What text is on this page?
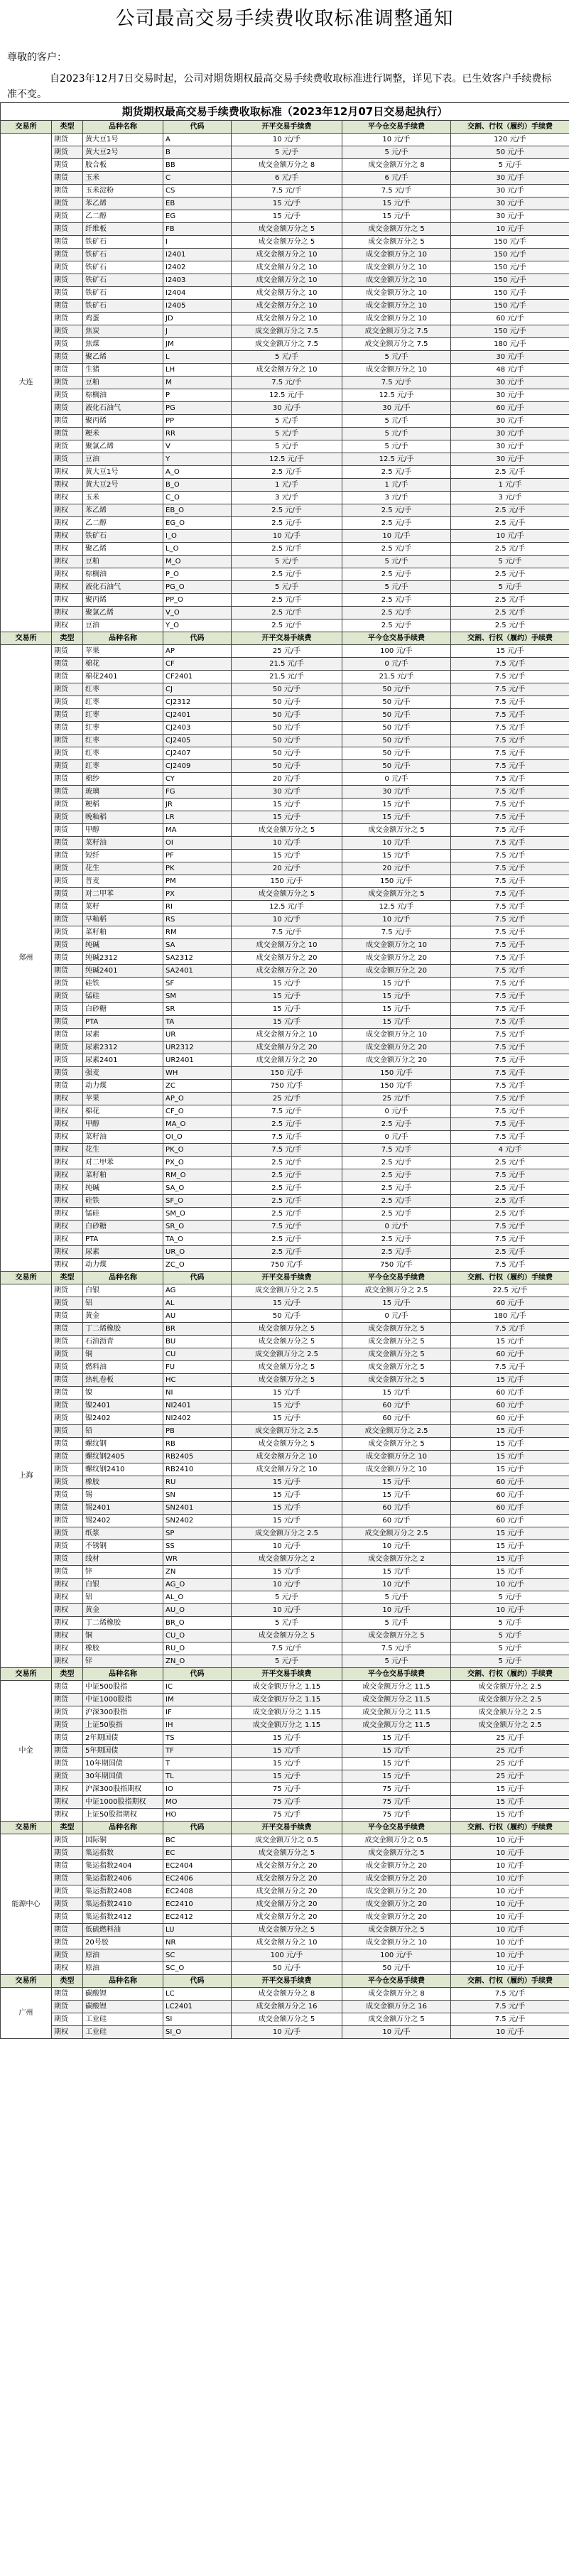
公司最高交易手续费收取标准调整通知
尊敬的客户：
自2023年12月7日交易时起，公司对期货期权最高交易手续费收取标准进行调整，详见下表。已生效客户手续费标准不变。
期货期权最高交易手续费收取标准（2023年12月07日交易起执行）						
交易所	类型	品种名称	代码	开平交易手续费	平今仓交易手续费	交割、行权（履约）手续费
大连	期货	黄大豆1号	A	10 元/手	10 元/手	120 元/手
	期货	黄大豆2号	B	5 元/手	5 元/手	50 元/手
	期货	胶合板	BB	成交金额万分之 8	成交金额万分之 8	5 元/手
	期货	玉米	C	6 元/手	6 元/手	30 元/手
	期货	玉米淀粉	CS	7.5 元/手	7.5 元/手	30 元/手
	期货	苯乙烯	EB	15 元/手	15 元/手	30 元/手
	期货	乙二醇	EG	15 元/手	15 元/手	30 元/手
	期货	纤维板	FB	成交金额万分之 5	成交金额万分之 5	10 元/手
	期货	铁矿石	I	成交金额万分之 5	成交金额万分之 5	150 元/手
	期货	铁矿石	I2401	成交金额万分之 10	成交金额万分之 10	150 元/手
	期货	铁矿石	I2402	成交金额万分之 10	成交金额万分之 10	150 元/手
	期货	铁矿石	I2403	成交金额万分之 10	成交金额万分之 10	150 元/手
	期货	铁矿石	I2404	成交金额万分之 10	成交金额万分之 10	150 元/手
	期货	铁矿石	I2405	成交金额万分之 10	成交金额万分之 10	150 元/手
	期货	鸡蛋	JD	成交金额万分之 10	成交金额万分之 10	60 元/手
	期货	焦炭	J	成交金额万分之 7.5	成交金额万分之 7.5	150 元/手
	期货	焦煤	JM	成交金额万分之 7.5	成交金额万分之 7.5	180 元/手
	期货	聚乙烯	L	5 元/手	5 元/手	30 元/手
	期货	生猪	LH	成交金额万分之 10	成交金额万分之 10	48 元/手
	期货	豆粕	M	7.5 元/手	7.5 元/手	30 元/手
	期货	棕榈油	P	12.5 元/手	12.5 元/手	30 元/手
	期货	液化石油气	PG	30 元/手	30 元/手	60 元/手
	期货	聚丙烯	PP	5 元/手	5 元/手	30 元/手
	期货	粳米	RR	5 元/手	5 元/手	30 元/手
	期货	聚氯乙烯	V	5 元/手	5 元/手	30 元/手
	期货	豆油	Y	12.5 元/手	12.5 元/手	30 元/手
	期权	黄大豆1号	A_O	2.5 元/手	2.5 元/手	2.5 元/手
	期权	黄大豆2号	B_O	1 元/手	1 元/手	1 元/手
	期权	玉米	C_O	3 元/手	3 元/手	3 元/手
	期权	苯乙烯	EB_O	2.5 元/手	2.5 元/手	2.5 元/手
	期权	乙二醇	EG_O	2.5 元/手	2.5 元/手	2.5 元/手
	期权	铁矿石	I_O	10 元/手	10 元/手	10 元/手
	期权	聚乙烯	L_O	2.5 元/手	2.5 元/手	2.5 元/手
	期权	豆粕	M_O	5 元/手	5 元/手	5 元/手
	期权	棕榈油	P_O	2.5 元/手	2.5 元/手	2.5 元/手
	期权	液化石油气	PG_O	5 元/手	5 元/手	5 元/手
	期权	聚丙烯	PP_O	2.5 元/手	2.5 元/手	2.5 元/手
	期权	聚氯乙烯	V_O	2.5 元/手	2.5 元/手	2.5 元/手
	期权	豆油	Y_O	2.5 元/手	2.5 元/手	2.5 元/手
交易所	类型	品种名称	代码	开平交易手续费	平今仓交易手续费	交割、行权（履约）手续费
郑州	期货	苹果	AP	25 元/手	100 元/手	15 元/手
	期货	棉花	CF	21.5 元/手	0 元/手	7.5 元/手
	期货	棉花2401	CF2401	21.5 元/手	21.5 元/手	7.5 元/手
	期货	红枣	CJ	50 元/手	50 元/手	7.5 元/手
	期货	红枣	CJ2312	50 元/手	50 元/手	7.5 元/手
	期货	红枣	CJ2401	50 元/手	50 元/手	7.5 元/手
	期货	红枣	CJ2403	50 元/手	50 元/手	7.5 元/手
	期货	红枣	CJ2405	50 元/手	50 元/手	7.5 元/手
	期货	红枣	CJ2407	50 元/手	50 元/手	7.5 元/手
	期货	红枣	CJ2409	50 元/手	50 元/手	7.5 元/手
	期货	棉纱	CY	20 元/手	0 元/手	7.5 元/手
	期货	玻璃	FG	30 元/手	30 元/手	7.5 元/手
	期货	粳稻	JR	15 元/手	15 元/手	7.5 元/手
	期货	晚籼稻	LR	15 元/手	15 元/手	7.5 元/手
	期货	甲醇	MA	成交金额万分之 5	成交金额万分之 5	7.5 元/手
	期货	菜籽油	OI	10 元/手	10 元/手	7.5 元/手
	期货	短纤	PF	15 元/手	15 元/手	7.5 元/手
	期货	花生	PK	20 元/手	20 元/手	7.5 元/手
	期货	普麦	PM	150 元/手	150 元/手	7.5 元/手
	期货	对二甲苯	PX	成交金额万分之 5	成交金额万分之 5	7.5 元/手
	期货	菜籽	RI	12.5 元/手	12.5 元/手	7.5 元/手
	期货	早籼稻	RS	10 元/手	10 元/手	7.5 元/手
	期货	菜籽粕	RM	7.5 元/手	7.5 元/手	7.5 元/手
	期货	纯碱	SA	成交金额万分之 10	成交金额万分之 10	7.5 元/手
	期货	纯碱2312	SA2312	成交金额万分之 20	成交金额万分之 20	7.5 元/手
	期货	纯碱2401	SA2401	成交金额万分之 20	成交金额万分之 20	7.5 元/手
	期货	硅铁	SF	15 元/手	15 元/手	7.5 元/手
	期货	锰硅	SM	15 元/手	15 元/手	7.5 元/手
	期货	白砂糖	SR	15 元/手	15 元/手	7.5 元/手
	期货	PTA	TA	15 元/手	15 元/手	7.5 元/手
	期货	尿素	UR	成交金额万分之 10	成交金额万分之 10	7.5 元/手
	期货	尿素2312	UR2312	成交金额万分之 20	成交金额万分之 20	7.5 元/手
	期货	尿素2401	UR2401	成交金额万分之 20	成交金额万分之 20	7.5 元/手
	期货	强麦	WH	150 元/手	150 元/手	7.5 元/手
	期货	动力煤	ZC	750 元/手	150 元/手	7.5 元/手
	期权	苹果	AP_O	25 元/手	25 元/手	7.5 元/手
	期权	棉花	CF_O	7.5 元/手	0 元/手	7.5 元/手
	期权	甲醇	MA_O	2.5 元/手	2.5 元/手	7.5 元/手
	期权	菜籽油	OI_O	7.5 元/手	0 元/手	7.5 元/手
	期权	花生	PK_O	7.5 元/手	7.5 元/手	4 元/手
	期权	对二甲苯	PX_O	2.5 元/手	2.5 元/手	2.5 元/手
	期权	菜籽粕	RM_O	2.5 元/手	2.5 元/手	7.5 元/手
	期权	纯碱	SA_O	2.5 元/手	2.5 元/手	2.5 元/手
	期权	硅铁	SF_O	2.5 元/手	2.5 元/手	2.5 元/手
	期权	锰硅	SM_O	2.5 元/手	2.5 元/手	2.5 元/手
	期权	白砂糖	SR_O	7.5 元/手	0 元/手	7.5 元/手
	期权	PTA	TA_O	2.5 元/手	2.5 元/手	7.5 元/手
	期权	尿素	UR_O	2.5 元/手	2.5 元/手	2.5 元/手
	期权	动力煤	ZC_O	750 元/手	750 元/手	7.5 元/手
交易所	类型	品种名称	代码	开平交易手续费	平今仓交易手续费	交割、行权（履约）手续费
上海	期货	白银	AG	成交金额万分之 2.5	成交金额万分之 2.5	22.5 元/手
	期货	铝	AL	15 元/手	15 元/手	60 元/手
	期货	黄金	AU	50 元/手	0 元/手	180 元/手
	期货	丁二烯橡胶	BR	成交金额万分之 5	成交金额万分之 5	7.5 元/手
	期货	石油沥青	BU	成交金额万分之 5	成交金额万分之 5	15 元/手
	期货	铜	CU	成交金额万分之 2.5	成交金额万分之 5	60 元/手
	期货	燃料油	FU	成交金额万分之 5	成交金额万分之 5	7.5 元/手
	期货	热轧卷板	HC	成交金额万分之 5	成交金额万分之 5	15 元/手
	期货	镍	NI	15 元/手	15 元/手	60 元/手
	期货	镍2401	NI2401	15 元/手	60 元/手	60 元/手
	期货	镍2402	NI2402	15 元/手	60 元/手	60 元/手
	期货	铅	PB	成交金额万分之 2.5	成交金额万分之 2.5	15 元/手
	期货	螺纹钢	RB	成交金额万分之 5	成交金额万分之 5	15 元/手
	期货	螺纹钢2405	RB2405	成交金额万分之 10	成交金额万分之 10	15 元/手
	期货	螺纹钢2410	RB2410	成交金额万分之 10	成交金额万分之 10	15 元/手
	期货	橡胶	RU	15 元/手	15 元/手	60 元/手
	期货	锡	SN	15 元/手	15 元/手	60 元/手
	期货	锡2401	SN2401	15 元/手	60 元/手	60 元/手
	期货	锡2402	SN2402	15 元/手	60 元/手	60 元/手
	期货	纸浆	SP	成交金额万分之 2.5	成交金额万分之 2.5	15 元/手
	期货	不锈钢	SS	10 元/手	10 元/手	15 元/手
	期货	线材	WR	成交金额万分之 2	成交金额万分之 2	15 元/手
	期货	锌	ZN	15 元/手	15 元/手	15 元/手
	期权	白银	AG_O	10 元/手	10 元/手	10 元/手
	期权	铝	AL_O	5 元/手	5 元/手	5 元/手
	期权	黄金	AU_O	10 元/手	10 元/手	10 元/手
	期权	丁二烯橡胶	BR_O	5 元/手	5 元/手	5 元/手
	期权	铜	CU_O	成交金额万分之 5	成交金额万分之 5	5 元/手
	期权	橡胶	RU_O	7.5 元/手	7.5 元/手	5 元/手
	期权	锌	ZN_O	5 元/手	5 元/手	5 元/手
交易所	类型	品种名称	代码	开平交易手续费	平今仓交易手续费	交割、行权（履约）手续费
中金	期货	中证500股指	IC	成交金额万分之 1.15	成交金额万分之 11.5	成交金额万分之 2.5
	期货	中证1000股指	IM	成交金额万分之 1.15	成交金额万分之 11.5	成交金额万分之 2.5
	期货	沪深300股指	IF	成交金额万分之 1.15	成交金额万分之 11.5	成交金额万分之 2.5
	期货	上证50股指	IH	成交金额万分之 1.15	成交金额万分之 11.5	成交金额万分之 2.5
	期货	2年期国债	TS	15 元/手	15 元/手	25 元/手
	期货	5年期国债	TF	15 元/手	15 元/手	25 元/手
	期货	10年期国债	T	15 元/手	15 元/手	25 元/手
	期货	30年期国债	TL	15 元/手	15 元/手	25 元/手
	期权	沪深300股指期权	IO	75 元/手	75 元/手	15 元/手
	期权	中证1000股指期权	MO	75 元/手	75 元/手	15 元/手
	期权	上证50股指期权	HO	75 元/手	75 元/手	15 元/手
交易所	类型	品种名称	代码	开平交易手续费	平今仓交易手续费	交割、行权（履约）手续费
能源中心	期货	国际铜	BC	成交金额万分之 0.5	成交金额万分之 0.5	10 元/手
	期货	集运指数	EC	成交金额万分之 5	成交金额万分之 5	10 元/手
	期货	集运指数2404	EC2404	成交金额万分之 20	成交金额万分之 20	10 元/手
	期货	集运指数2406	EC2406	成交金额万分之 20	成交金额万分之 20	10 元/手
	期货	集运指数2408	EC2408	成交金额万分之 20	成交金额万分之 20	10 元/手
	期货	集运指数2410	EC2410	成交金额万分之 20	成交金额万分之 20	10 元/手
	期货	集运指数2412	EC2412	成交金额万分之 20	成交金额万分之 20	10 元/手
	期货	低硫燃料油	LU	成交金额万分之 5	成交金额万分之 5	10 元/手
	期货	20号胶	NR	成交金额万分之 10	成交金额万分之 10	10 元/手
	期货	原油	SC	100 元/手	100 元/手	10 元/手
	期权	原油	SC_O	50 元/手	50 元/手	10 元/手
交易所	类型	品种名称	代码	开平交易手续费	平今仓交易手续费	交割、行权（履约）手续费
广州	期货	碳酸锂	LC	成交金额万分之 8	成交金额万分之 8	7.5 元/手
	期货	碳酸锂	LC2401	成交金额万分之 16	成交金额万分之 16	7.5 元/手
	期货	工业硅	SI	成交金额万分之 5	成交金额万分之 5	7.5 元/手
	期权	工业硅	SI_O	10 元/手	10 元/手	10 元/手
